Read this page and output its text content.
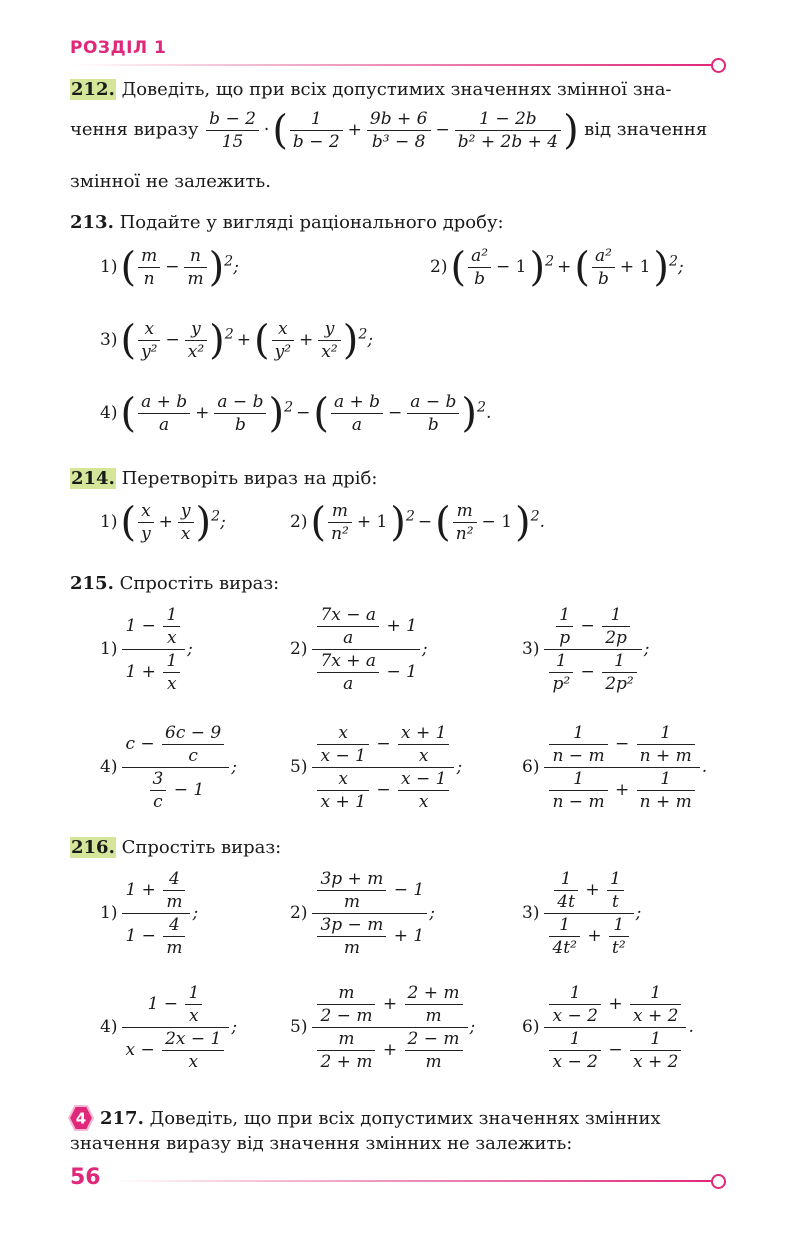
РОЗДІЛ 1
212. Доведіть, що при всіх допустимих значеннях змінної зна-
чення виразу $\frac{b - 2}{15}$ ·( $\frac{1}{b - 2} + \frac{9b + 6}{\text{b³ − 8}} - \frac{1 - 2b}{\text{b² + 2b + 4}}$ ) від значення
змінної не залежить.
213. Подайте у вигляді раціонального дробу:
$1)( \frac{m}{n} - \frac{n}{m} )^2$;	$2)( \frac{\text{a²}}{b} - 1)^2$ +( $\frac{\text{a²}}{b} + 1)^2$;
$3)( \frac{x}{\text{y²}} - \frac{y}{\text{x²}} )^2$ +( $\frac{x}{\text{y²}} + \frac{y}{\text{x²}} )^2$;
$4)( \frac{a + b}{a} + \frac{a - b}{b} )^2$ −( $\frac{a + b}{a} - \frac{a - b}{b} )^2$.
214. Перетворіть вираз на дріб:
$1)( \frac{x}{y} + \frac{y}{x} )^2$;	$2)( \frac{m}{\text{n²}} + 1)^2$ −( $\frac{m}{\text{n²}} - 1)^2$.
215. Спростіть вираз:
$1) \frac{1 - \frac{1}{x}}{1 + \frac{1}{x}}$ ;	$2) \frac{\frac{7x - a}{a} + 1}{\frac{7x + a}{a} - 1}$ ;	$3) \frac{\frac{1}{p} - \frac{1}{2p}}{\frac{1}{\text{p²}} - \frac{1}{\text{2p²}}}$ ;
$4) \frac{c - \frac{6c - 9}{c}}{\frac{3}{c} - 1}$ ;	$5) \frac{\frac{x}{x - 1} - \frac{x + 1}{x}}{\frac{x}{x + 1} - \frac{x - 1}{x}}$ ;	$6) \frac{\frac{1}{n - m} - \frac{1}{n + m}}{\frac{1}{n - m} + \frac{1}{n + m}}$ .
216. Спростіть вираз:
$1) \frac{1 + \frac{4}{m}}{1 - \frac{4}{m}}$ ;	$2) \frac{\frac{3p + m}{m} - 1}{\frac{3p - m}{m} + 1}$ ;	$3) \frac{\frac{1}{4t} + \frac{1}{t}}{\frac{1}{\text{4t²}} + \frac{1}{\text{t²}}}$ ;
$4) \frac{1 - \frac{1}{x}}{x - \frac{2x - 1}{x}}$ ;	$5) \frac{\frac{m}{2 - m} + \frac{2 + m}{m}}{\frac{m}{2 + m} + \frac{2 - m}{m}}$ ;	$6) \frac{\frac{1}{x - 2} + \frac{1}{x + 2}}{\frac{1}{x - 2} - \frac{1}{x + 2}}$ .
4 217. Доведіть, що при всіх допустимих значеннях змінних
значення виразу від значення змінних не залежить:
56
